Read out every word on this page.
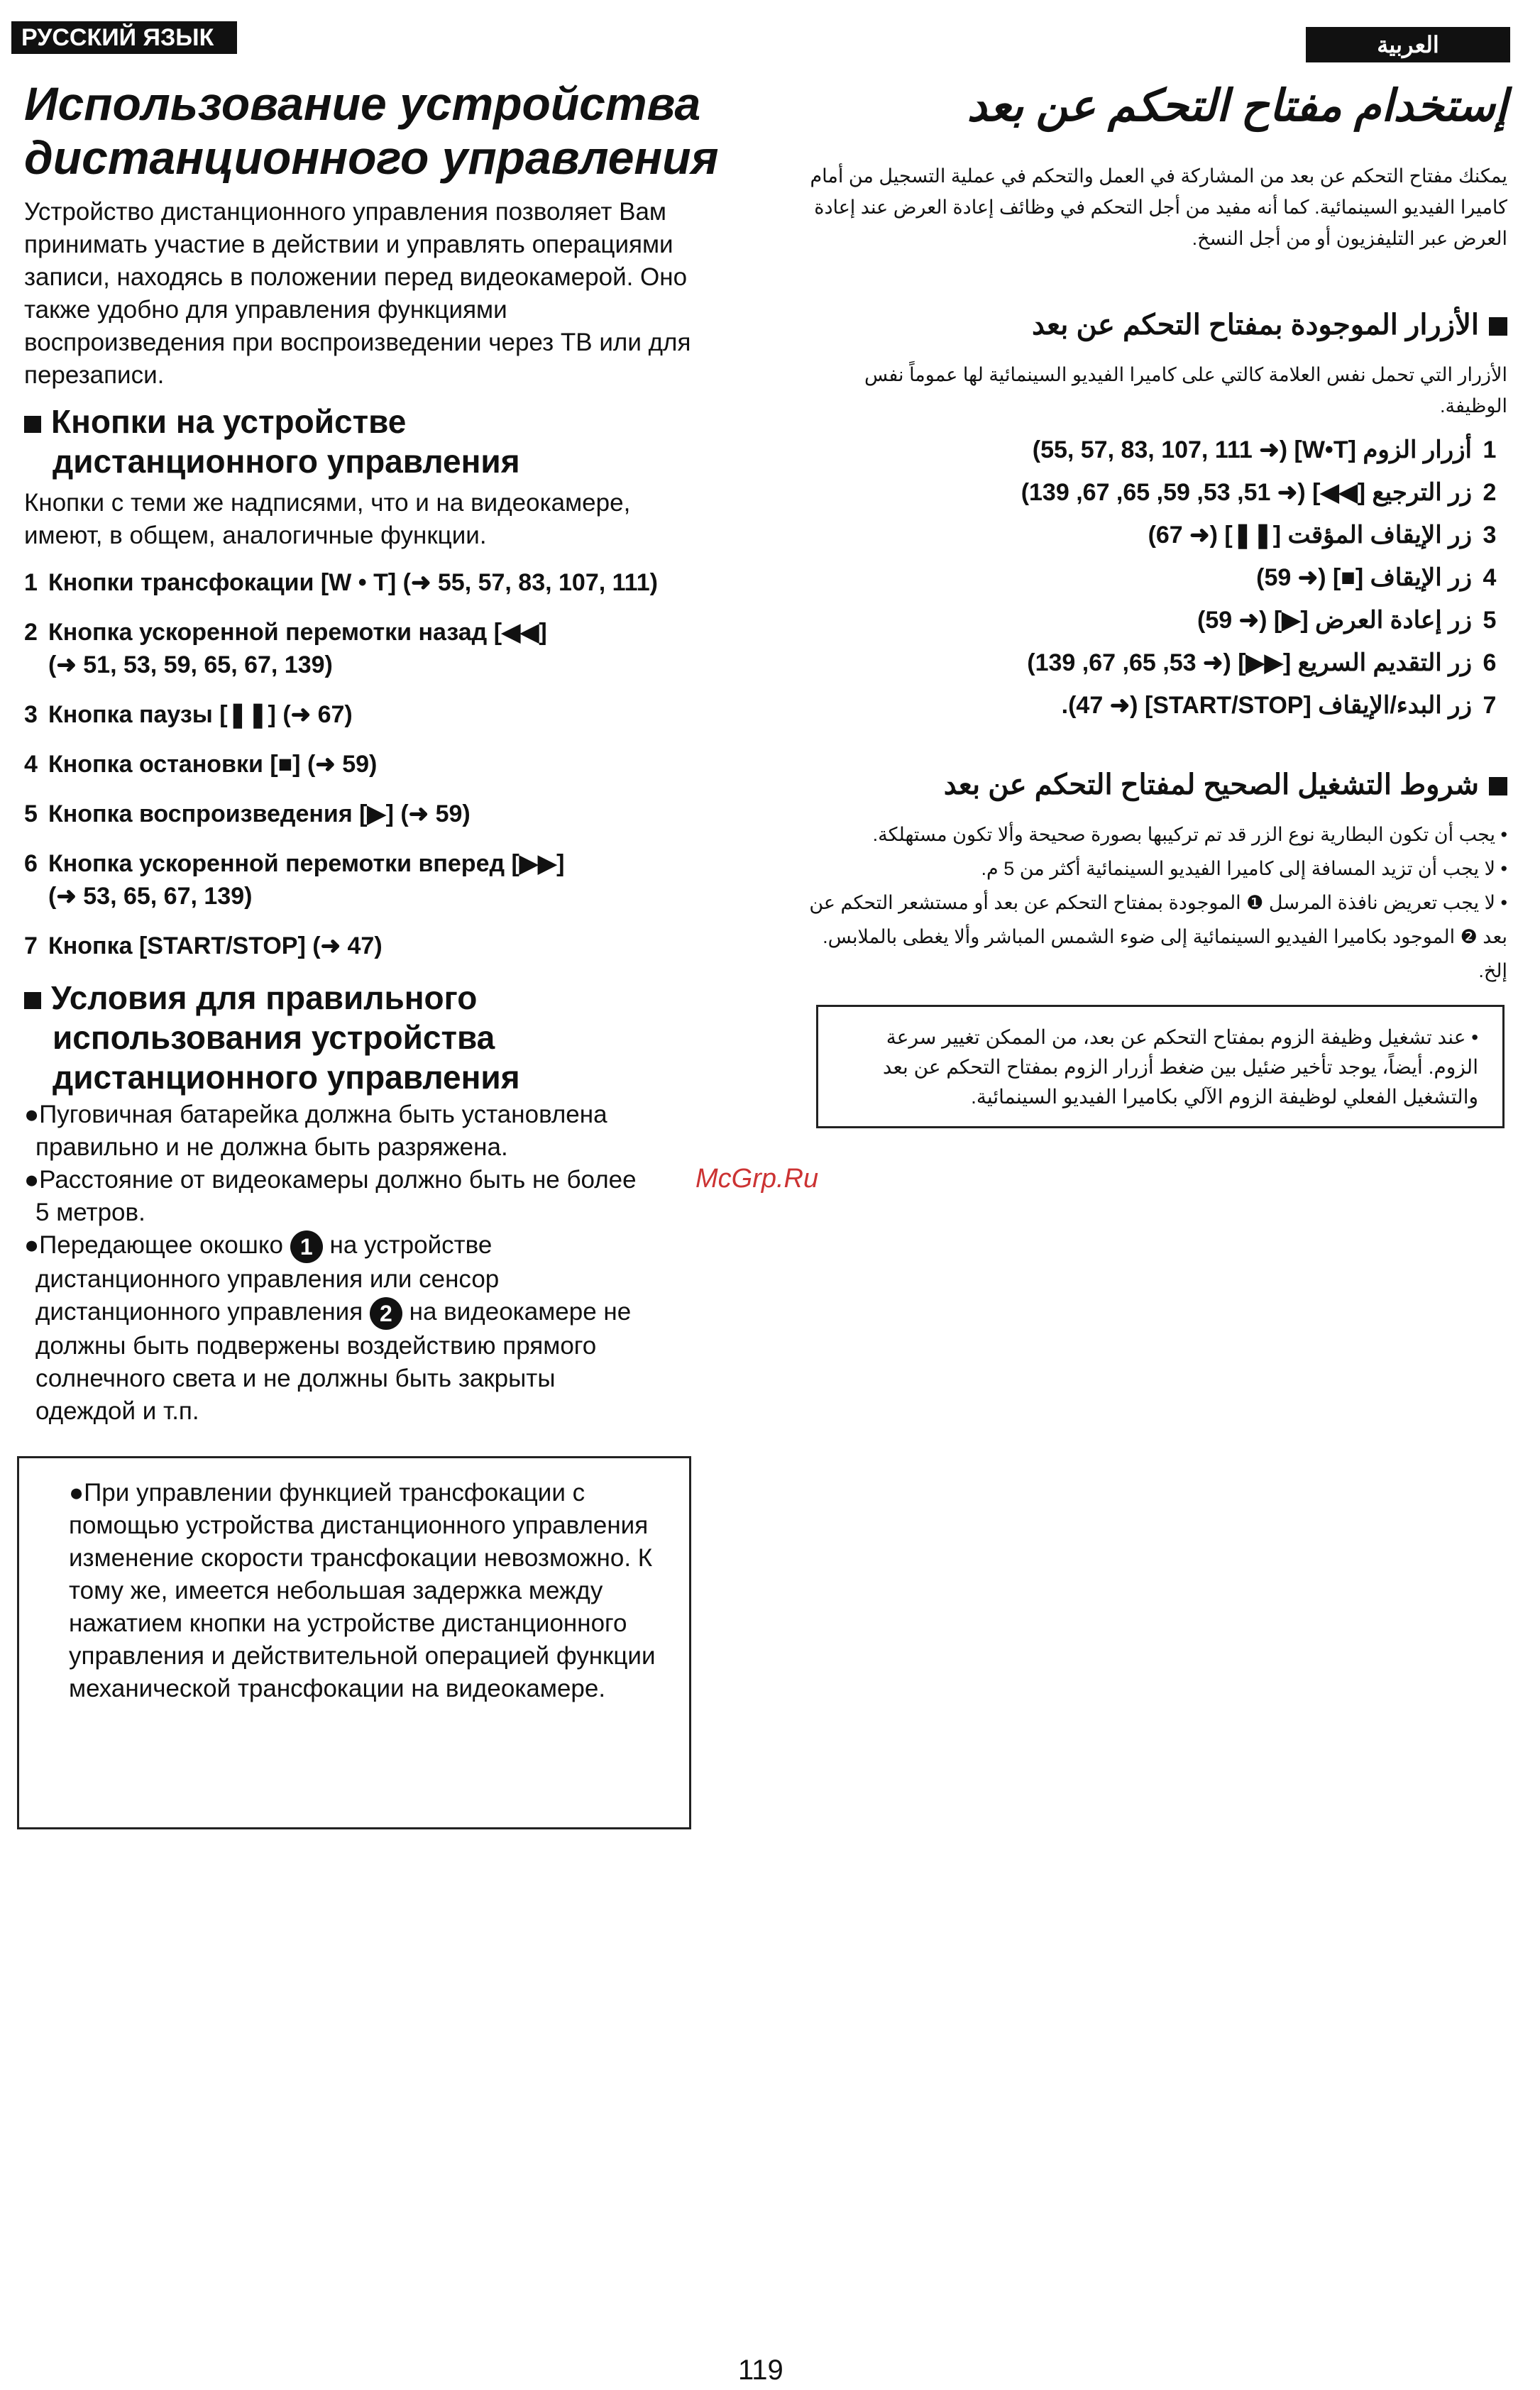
РУССКИЙ ЯЗЫК	العربية
Использование устройства
дистанционного управления
Устройство дистанционного управления позволяет Вам принимать участие в действии и управлять операциями записи, находясь в положении перед видеокамерой. Оно также удобно для управления функциями воспроизведения при воспроизведении через ТВ или для перезаписи.
Кнопки на устройстве
дистанционного управления
Кнопки с теми же надписями, что и на видеокамере, имеют, в общем, аналогичные функции.
1 Кнопки трансфокации [W • T] (➜ 55, 57, 83, 107, 111)
2 Кнопка ускоренной перемотки назад [◀◀]
(➜ 51, 53, 59, 65, 67, 139)
3 Кнопка паузы [❚❚] (➜ 67)
4 Кнопка остановки [■] (➜ 59)
5 Кнопка воспроизведения [▶] (➜ 59)
6 Кнопка ускоренной перемотки вперед [▶▶]
(➜ 53, 65, 67, 139)
7 Кнопка [START/STOP] (➜ 47)
Условия для правильного
использования устройства
дистанционного управления
●Пуговичная батарейка должна быть установлена
правильно и не должна быть разряжена.
●Расстояние от видеокамеры должно быть не более
5 метров.
●Передающее окошко 1 на устройстве
дистанционного управления или сенсор
дистанционного управления 2 на видеокамере не
должны быть подвержены воздействию прямого
солнечного света и не должны быть закрыты
одеждой и т.п.
McGrp.Ru
●При управлении функцией трансфокации с помощью устройства дистанционного управления изменение скорости трансфокации невозможно. К тому же, имеется небольшая задержка между нажатием кнопки на устройстве дистанционного управления и действительной операцией функции механической трансфокации на видеокамере.
إستخدام مفتاح التحكم عن بعد
يمكنك مفتاح التحكم عن بعد من المشاركة في العمل والتحكم في عملية التسجيل من أمام كاميرا الفيديو السينمائية. كما أنه مفيد من أجل التحكم في وظائف إعادة العرض عند إعادة العرض عبر التليفزيون أو من أجل النسخ.
الأزرار الموجودة بمفتاح التحكم عن بعد
الأزرار التي تحمل نفس العلامة كالتي على كاميرا الفيديو السينمائية لها عموماً نفس الوظيفة.
1أزرار الزوم [W•T] (➜ 55, 57, 83, 107, 111)
2زر الترجيع [◀◀] (➜ 51, 53, 59, 65, 67, 139)
3زر الإيقاف المؤقت [❚❚] (➜ 67)
4زر الإيقاف [■] (➜ 59)
5زر إعادة العرض [▶] (➜ 59)
6زر التقديم السريع [▶▶] (➜ 53, 65, 67, 139)
7زر البدء/الإيقاف [START/STOP] (➜ 47).
شروط التشغيل الصحيح لمفتاح التحكم عن بعد
• يجب أن تكون البطارية نوع الزر قد تم تركيبها بصورة صحيحة وألا تكون مستهلكة.
• لا يجب أن تزيد المسافة إلى كاميرا الفيديو السينمائية أكثر من 5 م.
• لا يجب تعريض نافذة المرسل ❶ الموجودة بمفتاح التحكم عن بعد أو مستشعر التحكم عن بعد ❷ الموجود بكاميرا الفيديو السينمائية إلى ضوء الشمس المباشر وألا يغطى بالملابس. إلخ.
• عند تشغيل وظيفة الزوم بمفتاح التحكم عن بعد، من الممكن تغيير سرعة الزوم. أيضاً، يوجد تأخير ضئيل بين ضغط أزرار الزوم بمفتاح التحكم عن بعد والتشغيل الفعلي لوظيفة الزوم الآلي بكاميرا الفيديو السينمائية.
119
